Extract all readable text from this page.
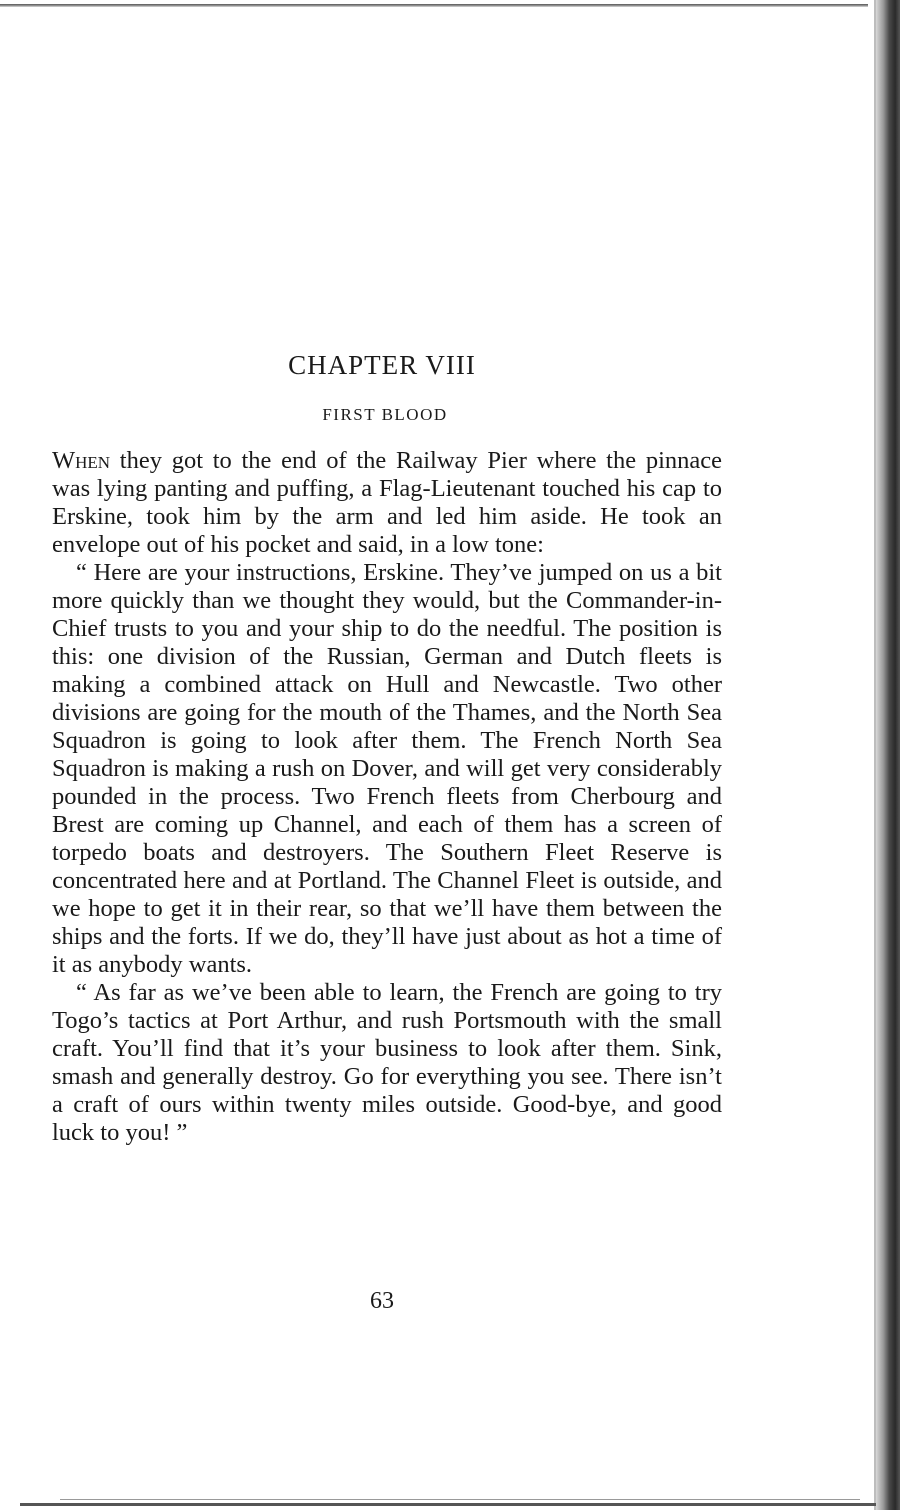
CHAPTER VIII
FIRST BLOOD

When they got to the end of the Railway Pier where the pinnace was lying panting and puffing, a Flag-Lieutenant touched his cap to Erskine, took him by the arm and led him aside. He took an envelope out of his pocket and said, in a low tone:

“ Here are your instructions, Erskine. They’ve jumped on us a bit more quickly than we thought they would, but the Commander-in-Chief trusts to you and your ship to do the needful. The position is this: one division of the Russian, German and Dutch fleets is making a combined attack on Hull and Newcastle. Two other divisions are going for the mouth of the Thames, and the North Sea Squadron is going to look after them. The French North Sea Squadron is making a rush on Dover, and will get very considerably pounded in the process. Two French fleets from Cherbourg and Brest are coming up Channel, and each of them has a screen of torpedo boats and destroyers. The Southern Fleet Reserve is concentrated here and at Portland. The Channel Fleet is outside, and we hope to get it in their rear, so that we’ll have them between the ships and the forts. If we do, they’ll have just about as hot a time of it as anybody wants.

“ As far as we’ve been able to learn, the French are going to try Togo’s tactics at Port Arthur, and rush Portsmouth with the small craft. You’ll find that it’s your business to look after them. Sink, smash and generally destroy. Go for everything you see. There isn’t a craft of ours within twenty miles outside. Good-bye, and good luck to you! ”

63
